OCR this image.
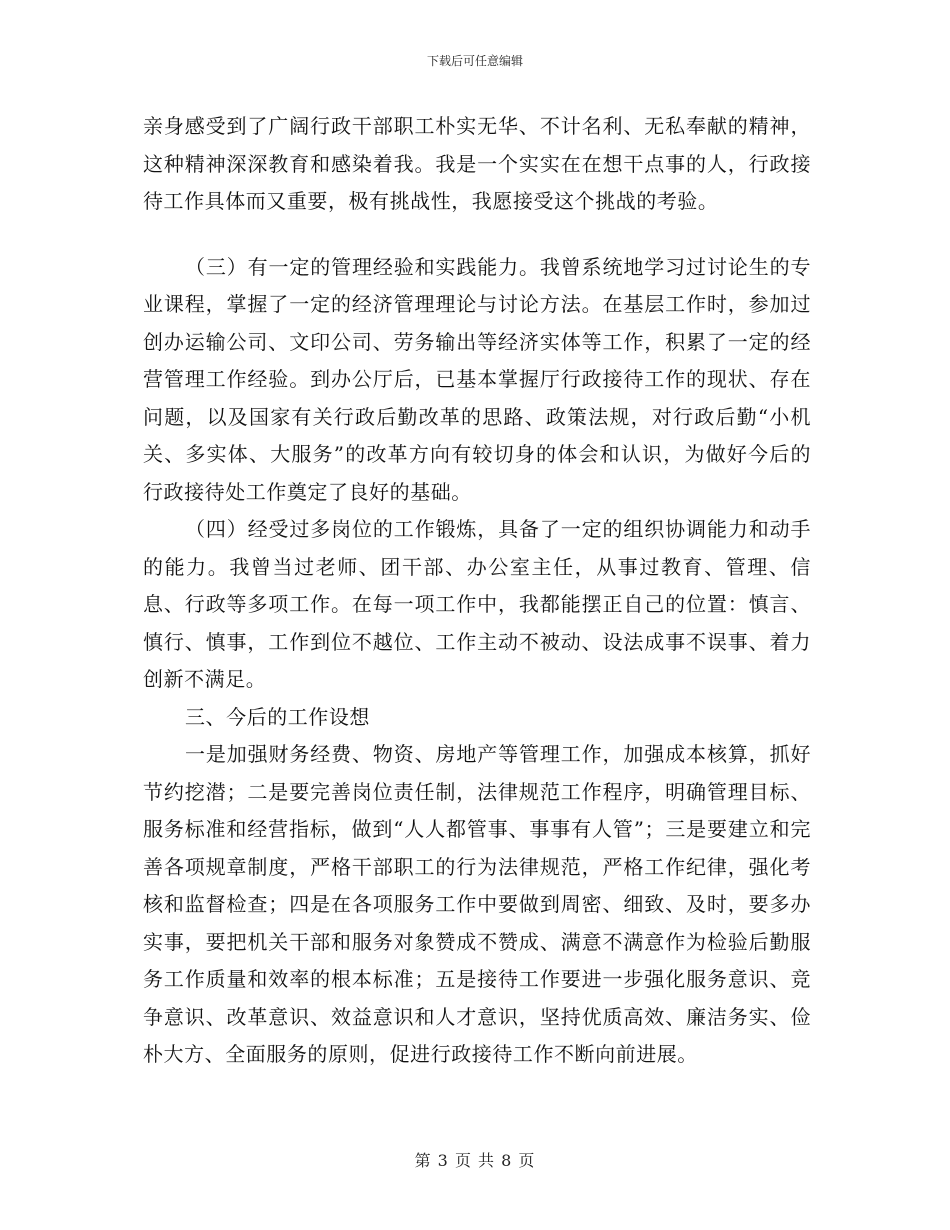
下载后可任意编辑

亲身感受到了广阔行政干部职工朴实无华、不计名利、无私奉献的精神，这种精神深深教育和感染着我。我是一个实实在在想干点事的人，行政接待工作具体而又重要，极有挑战性，我愿接受这个挑战的考验。

（三）有一定的管理经验和实践能力。我曾系统地学习过讨论生的专业课程，掌握了一定的经济管理理论与讨论方法。在基层工作时，参加过创办运输公司、文印公司、劳务输出等经济实体等工作，积累了一定的经营管理工作经验。到办公厅后，已基本掌握厅行政接待工作的现状、存在问题，以及国家有关行政后勤改革的思路、政策法规，对行政后勤“小机关、多实体、大服务”的改革方向有较切身的体会和认识，为做好今后的行政接待处工作奠定了良好的基础。

（四）经受过多岗位的工作锻炼，具备了一定的组织协调能力和动手的能力。我曾当过老师、团干部、办公室主任，从事过教育、管理、信息、行政等多项工作。在每一项工作中，我都能摆正自己的位置：慎言、慎行、慎事，工作到位不越位、工作主动不被动、设法成事不误事、着力创新不满足。

三、今后的工作设想

一是加强财务经费、物资、房地产等管理工作，加强成本核算，抓好节约挖潜；二是要完善岗位责任制，法律规范工作程序，明确管理目标、服务标准和经营指标，做到“人人都管事、事事有人管”；三是要建立和完善各项规章制度，严格干部职工的行为法律规范，严格工作纪律，强化考核和监督检查；四是在各项服务工作中要做到周密、细致、及时，要多办实事，要把机关干部和服务对象赞成不赞成、满意不满意作为检验后勤服务工作质量和效率的根本标准；五是接待工作要进一步强化服务意识、竞争意识、改革意识、效益意识和人才意识，坚持优质高效、廉洁务实、俭朴大方、全面服务的原则，促进行政接待工作不断向前进展。

第 3 页 共 8 页
